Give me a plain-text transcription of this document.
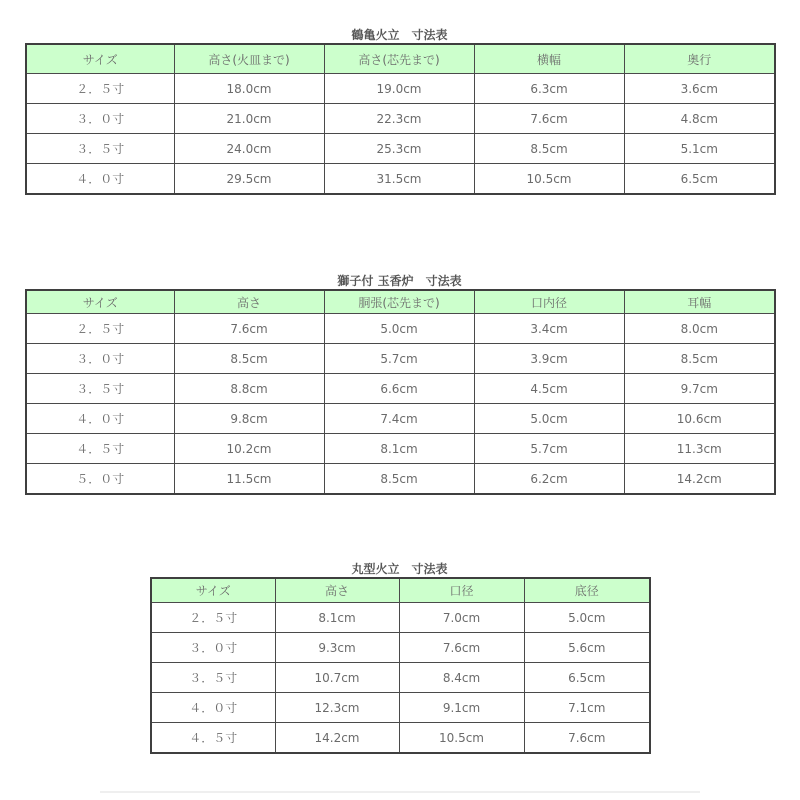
鶴亀火立　寸法表
サイズ	高さ(火皿まで)	高さ(芯先まで)	横幅	奥行
２．５寸	18.0cm	19.0cm	6.3cm	3.6cm
３．０寸	21.0cm	22.3cm	7.6cm	4.8cm
３．５寸	24.0cm	25.3cm	8.5cm	5.1cm
４．０寸	29.5cm	31.5cm	10.5cm	6.5cm
獅子付 玉香炉　寸法表
サイズ	高さ	胴張(芯先まで)	口内径	耳幅
２．５寸	7.6cm	5.0cm	3.4cm	8.0cm
３．０寸	8.5cm	5.7cm	3.9cm	8.5cm
３．５寸	8.8cm	6.6cm	4.5cm	9.7cm
４．０寸	9.8cm	7.4cm	5.0cm	10.6cm
４．５寸	10.2cm	8.1cm	5.7cm	11.3cm
５．０寸	11.5cm	8.5cm	6.2cm	14.2cm
丸型火立　寸法表
サイズ	高さ	口径	底径
２．５寸	8.1cm	7.0cm	5.0cm
３．０寸	9.3cm	7.6cm	5.6cm
３．５寸	10.7cm	8.4cm	6.5cm
４．０寸	12.3cm	9.1cm	7.1cm
４．５寸	14.2cm	10.5cm	7.6cm
